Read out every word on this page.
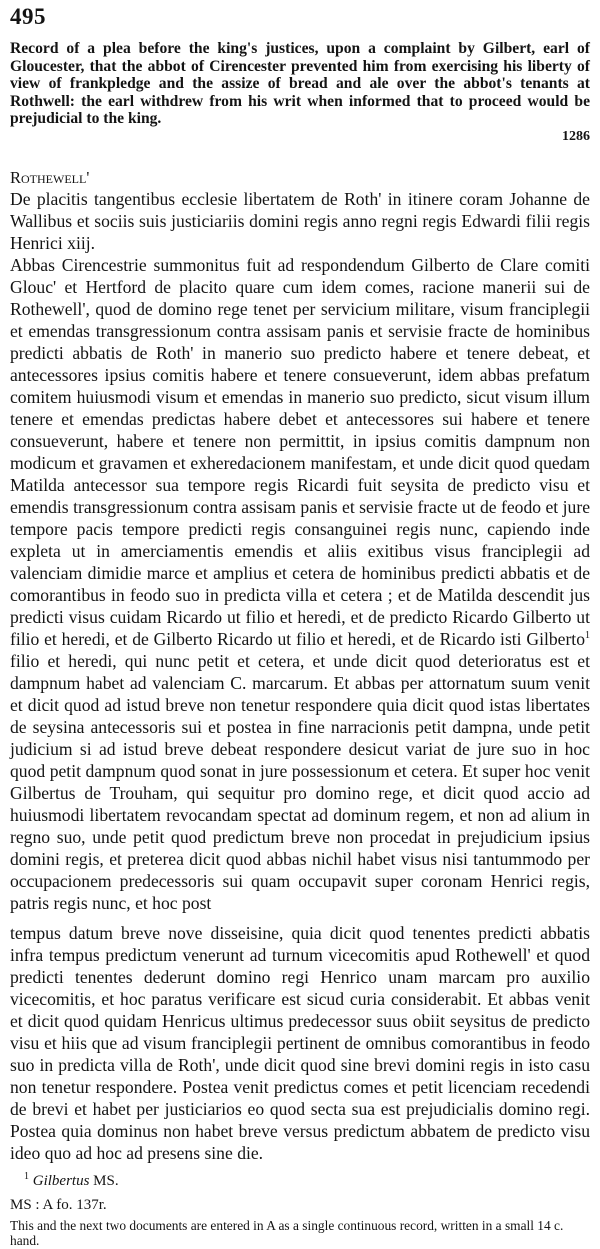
495
Record of a plea before the king's justices, upon a complaint by Gilbert, earl of Gloucester, that the abbot of Cirencester prevented him from exercising his liberty of view of frankpledge and the assize of bread and ale over the abbot's tenants at Rothwell: the earl withdrew from his writ when informed that to proceed would be prejudicial to the king.
1286
Rothewell'

De placitis tangentibus ecclesie libertatem de Roth' in itinere coram Johanne de Wallibus et sociis suis justiciariis domini regis anno regni regis Edwardi filii regis Henrici xiij.

Abbas Cirencestrie summonitus fuit ad respondendum Gilberto de Clare comiti Glouc' et Hertford de placito quare cum idem comes, racione manerii sui de Rothewell', quod de domino rege tenet per servicium militare, visum franciplegii et emendas transgressionum contra assisam panis et servisie fracte de hominibus predicti abbatis de Roth' in manerio suo predicto habere et tenere debeat, et antecessores ipsius comitis habere et tenere consueverunt, idem abbas prefatum comitem huiusmodi visum et emendas in manerio suo predicto, sicut visum illum tenere et emendas predictas habere debet et antecessores sui habere et tenere consueverunt, habere et tenere non permittit, in ipsius comitis dampnum non modicum et gravamen et exheredacionem manifestam, et unde dicit quod quedam Matilda antecessor sua tempore regis Ricardi fuit seysita de predicto visu et emendis transgressionum contra assisam panis et servisie fracte ut de feodo et jure tempore pacis tempore predicti regis consanguinei regis nunc, capiendo inde expleta ut in amerciamentis emendis et aliis exitibus visus franciplegii ad valenciam dimidie marce et amplius et cetera de hominibus predicti abbatis et de comorantibus in feodo suo in predicta villa et cetera ; et de Matilda descendit jus predicti visus cuidam Ricardo ut filio et heredi, et de predicto Ricardo Gilberto ut filio et heredi, et de Gilberto Ricardo ut filio et heredi, et de Ricardo isti Gilberto$^1$ filio et heredi, qui nunc petit et cetera, et unde dicit quod deterioratus est et dampnum habet ad valenciam C. marcarum. Et abbas per attornatum suum venit et dicit quod ad istud breve non tenetur respondere quia dicit quod istas libertates de seysina antecessoris sui et postea in fine narracionis petit dampna, unde petit judicium si ad istud breve debeat respondere desicut variat de jure suo in hoc quod petit dampnum quod sonat in jure possessionum et cetera. Et super hoc venit Gilbertus de Trouham, qui sequitur pro domino rege, et dicit quod accio ad huiusmodi libertatem revocandam spectat ad dominum regem, et non ad alium in regno suo, unde petit quod predictum breve non procedat in prejudicium ipsius domini regis, et preterea dicit quod abbas nichil habet visus nisi tantummodo per occupacionem predecessoris sui quam occupavit super coronam Henrici regis, patris regis nunc, et hoc post

tempus datum breve nove disseisine, quia dicit quod tenentes predicti abbatis infra tempus predictum venerunt ad turnum vicecomitis apud Rothewell' et quod predicti tenentes dederunt domino regi Henrico unam marcam pro auxilio vicecomitis, et hoc paratus verificare est sicud curia considerabit. Et abbas venit et dicit quod quidam Henricus ultimus predecessor suus obiit seysitus de predicto visu et hiis que ad visum franciplegii pertinent de omnibus comorantibus in feodo suo in predicta villa de Roth', unde dicit quod sine brevi domini regis in isto casu non tenetur respondere. Postea venit predictus comes et petit licenciam recedendi de brevi et habet per justiciarios eo quod secta sua est prejudicialis domino regi. Postea quia dominus non habet breve versus predictum abbatem de predicto visu ideo quo ad hoc ad presens sine die.

$^1$ Gilbertus MS.
MS : A fo. 137r.
This and the next two documents are entered in A as a single continuous record, written in a small 14 c. hand.
